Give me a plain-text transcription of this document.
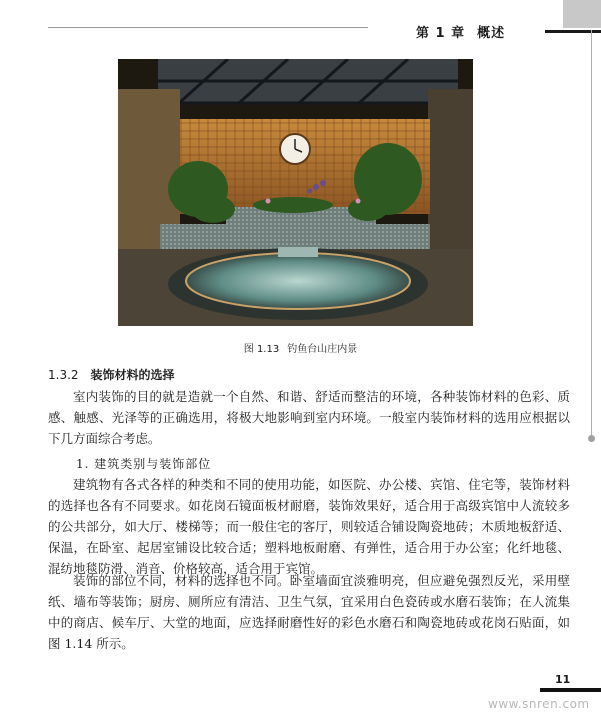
第 1 章 概述
图 1.13 钓鱼台山庄内景
1.3.2 装饰材料的选择

室内装饰的目的就是造就一个自然、和谐、舒适而整洁的环境，各种装饰材料的色彩、质感、触感、光泽等的正确选用，将极大地影响到室内环境。一般室内装饰材料的选用应根据以下几方面综合考虑。

1. 建筑类别与装饰部位

建筑物有各式各样的种类和不同的使用功能，如医院、办公楼、宾馆、住宅等，装饰材料的选择也各有不同要求。如花岗石镜面板材耐磨，装饰效果好，适合用于高级宾馆中人流较多的公共部分，如大厅、楼梯等；而一般住宅的客厅，则较适合铺设陶瓷地砖；木质地板舒适、保温，在卧室、起居室铺设比较合适；塑料地板耐磨、有弹性，适合用于办公室；化纤地毯、混纺地毯防滑、消音、价格较高，适合用于宾馆。

装饰的部位不同，材料的选择也不同。卧室墙面宜淡雅明亮，但应避免强烈反光，采用壁纸、墙布等装饰；厨房、厕所应有清洁、卫生气氛，宜采用白色瓷砖或水磨石装饰；在人流集中的商店、候车厅、大堂的地面，应选择耐磨性好的彩色水磨石和陶瓷地砖或花岗石贴面，如图 1.14 所示。

11
www.snren.com
